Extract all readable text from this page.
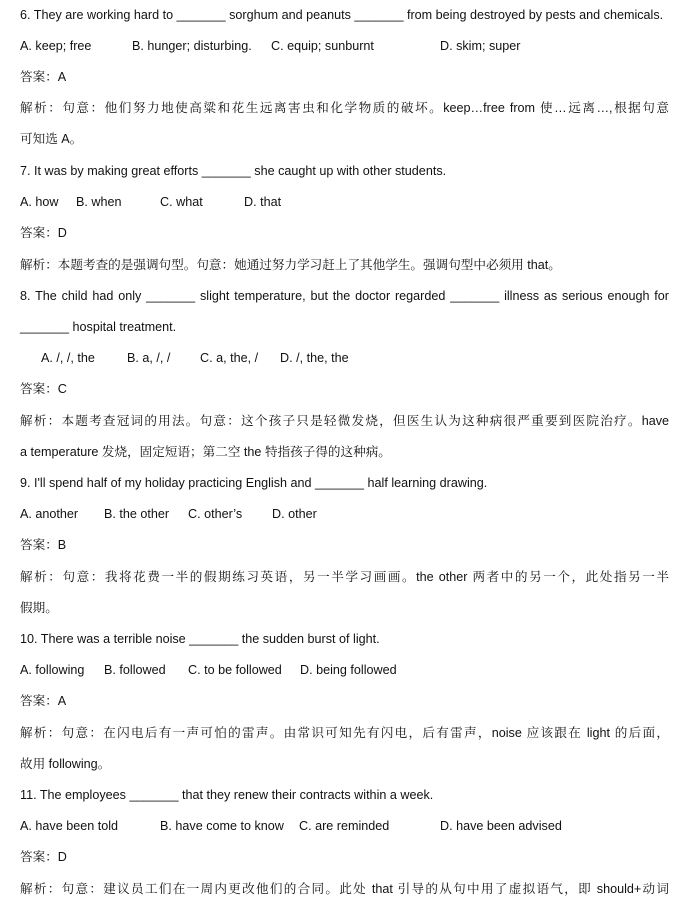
6. They are working hard to _______ sorghum and peanuts _______ from being destroyed by pests and chemicals.
A. keep; free	B. hunger; disturbing. C. equip; sunburnt	D. skim; super
答案：A
解析：句意：他们努力地使高粱和花生远离害虫和化学物质的破坏。keep…free from 使…远离…,根据句意
可知选 A。
7. It was by making great efforts _______ she caught up with other students.
A. how B. when	C. what	D. that
答案：D
解析：本题考查的是强调句型。句意：她通过努力学习赶上了其他学生。强调句型中必须用 that。
8. The child had only _______ slight temperature, but the doctor regarded _______ illness as serious enough for
_______ hospital treatment.
A. /, /, the	B. a, /, / C. a, the, / D. /, the, the
答案：C
解析：本题考查冠词的用法。句意：这个孩子只是轻微发烧，但医生认为这种病很严重要到医院治疗。have
a temperature 发烧，固定短语；第二空 the 特指孩子得的这种病。
9. I'll spend half of my holiday practicing English and _______ half learning drawing.
A. another B. the other C. other’s D. other
答案：B
解析：句意：我将花费一半的假期练习英语，另一半学习画画。the other 两者中的另一个，此处指另一半
假期。
10. There was a terrible noise _______ the sudden burst of light.
A. following B. followed C. to be followed D. being followed
答案：A
解析：句意：在闪电后有一声可怕的雷声。由常识可知先有闪电，后有雷声，noise 应该跟在 light 的后面，
故用 following。
11. The employees _______ that they renew their contracts within a week.
A. have been told	B. have come to know C. are reminded	D. have been advised
答案：D
解析：句意：建议员工们在一周内更改他们的合同。此处 that 引导的从句中用了虚拟语气，即 should+动词
